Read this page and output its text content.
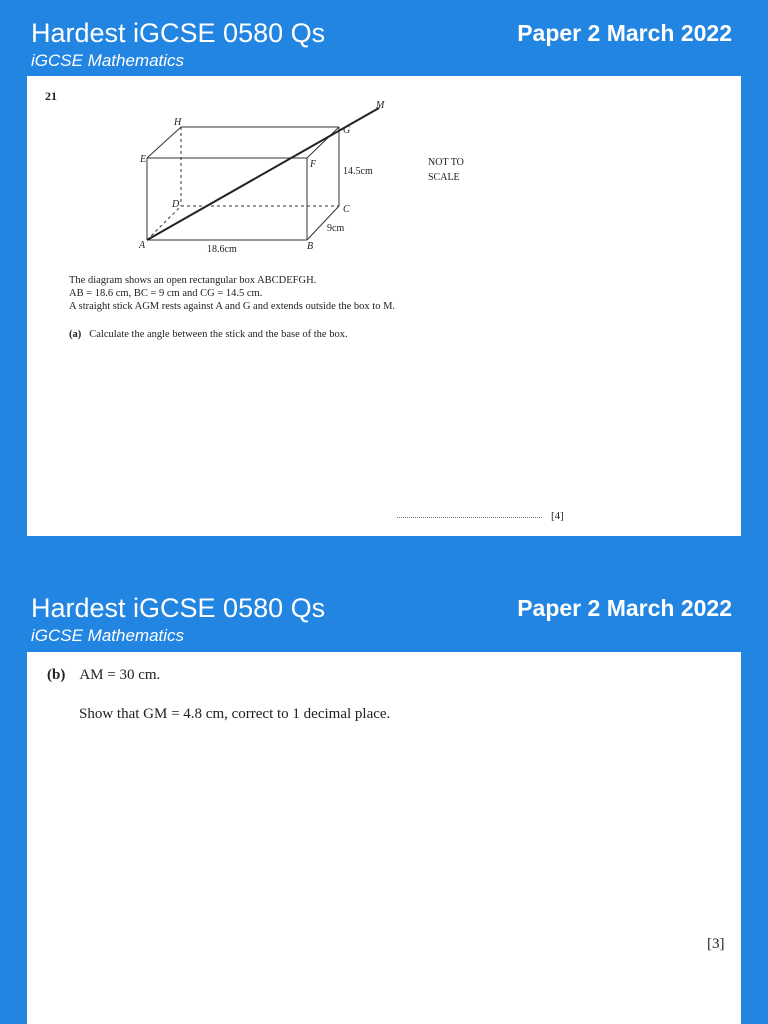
Hardest iGCSE 0580 Qs
iGCSE Mathematics
Paper 2 March 2022
21
A	B
C
D
E	F
G
H
M
18.6cm
9cm
14.5cm
NOT TO
SCALE
The diagram shows an open rectangular box ABCDEFGH.
AB = 18.6 cm, BC = 9 cm and CG = 14.5 cm.
A straight stick AGM rests against A and G and extends outside the box to M.
(a) Calculate the angle between the stick and the base of the box.
[4]
Hardest iGCSE 0580 Qs
iGCSE Mathematics
Paper 2 March 2022
(b) AM = 30 cm.
Show that GM = 4.8 cm, correct to 1 decimal place.
[3]
